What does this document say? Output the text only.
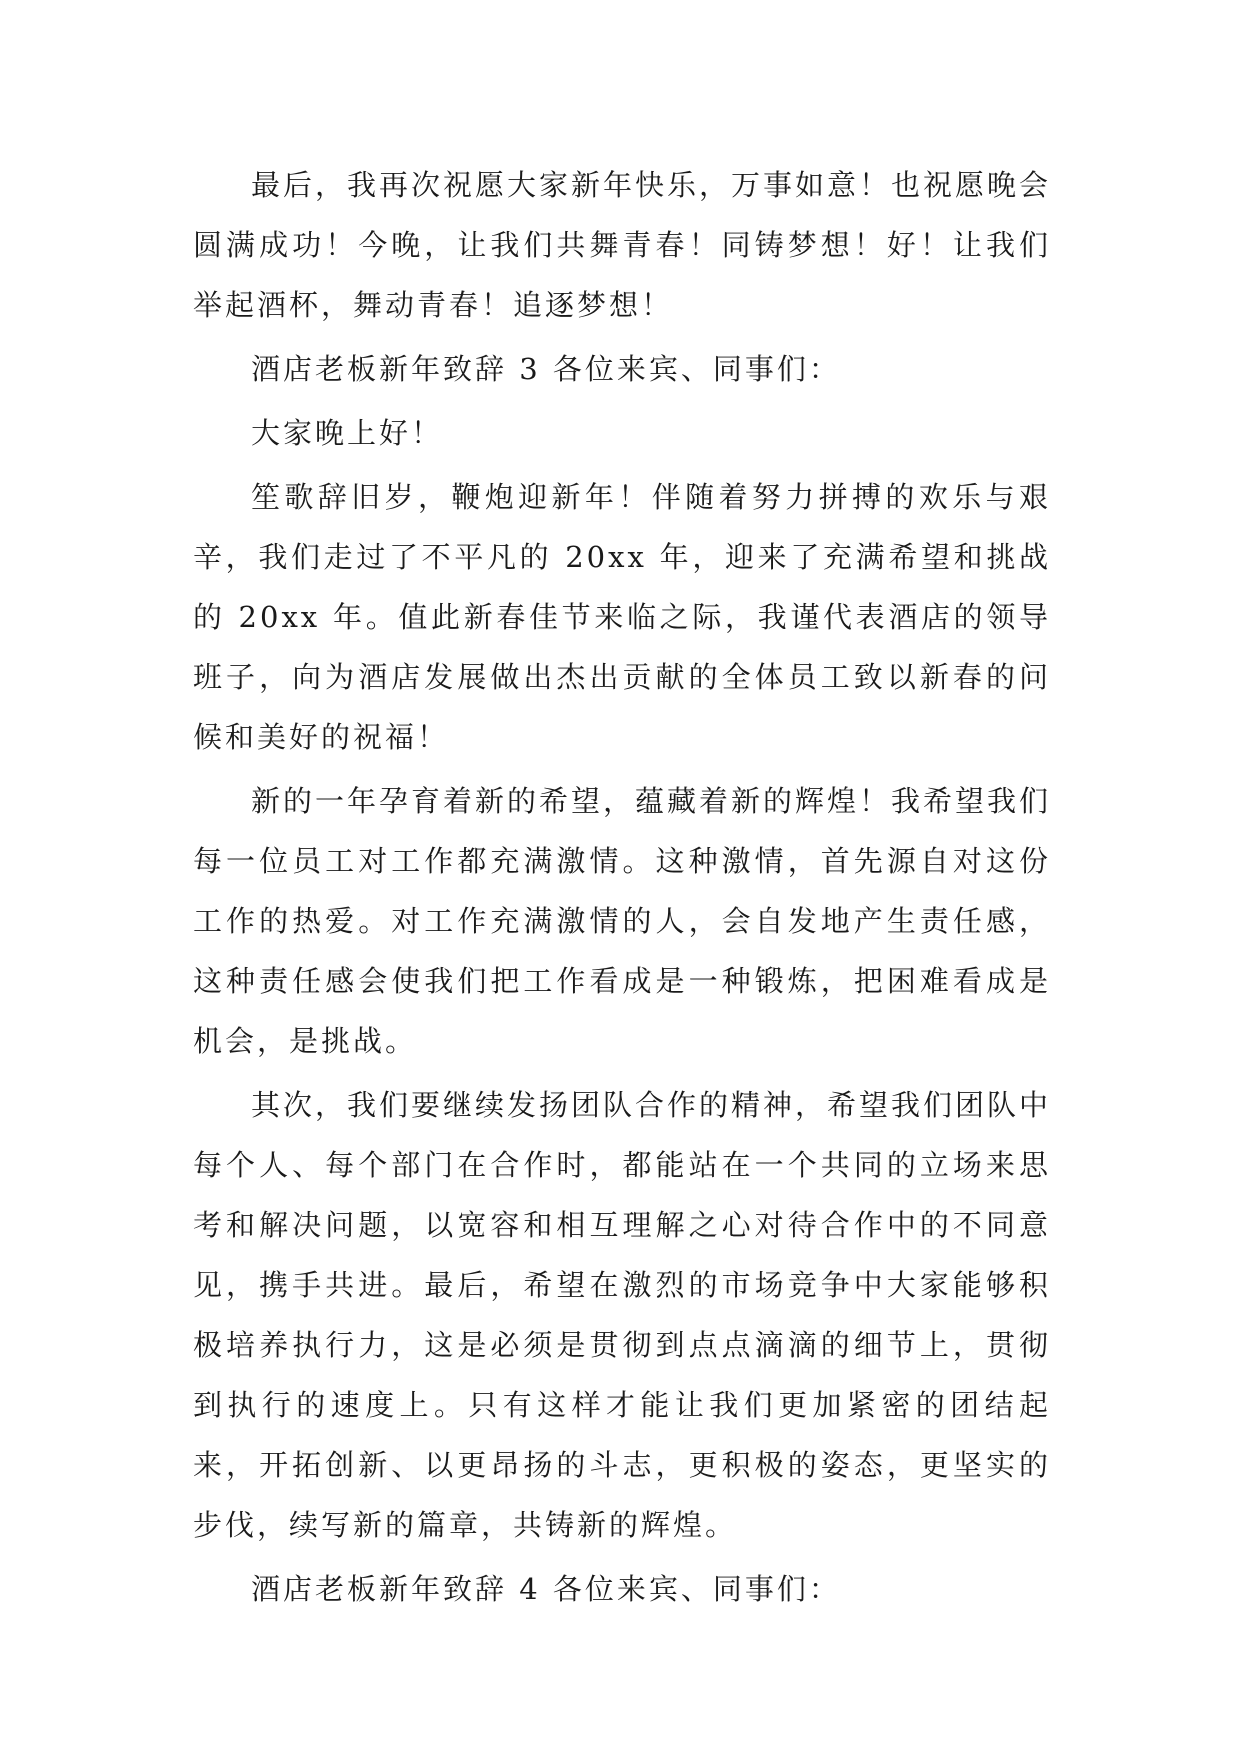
最后，我再次祝愿大家新年快乐，万事如意！也祝愿晚会圆满成功！今晚，让我们共舞青春！同铸梦想！好！让我们举起酒杯，舞动青春！追逐梦想！

酒店老板新年致辞 3 各位来宾、同事们：

大家晚上好！

笙歌辞旧岁，鞭炮迎新年！伴随着努力拼搏的欢乐与艰辛，我们走过了不平凡的 20xx 年，迎来了充满希望和挑战的 20xx 年。值此新春佳节来临之际，我谨代表酒店的领导班子，向为酒店发展做出杰出贡献的全体员工致以新春的问候和美好的祝福！

新的一年孕育着新的希望，蕴藏着新的辉煌！我希望我们每一位员工对工作都充满激情。这种激情，首先源自对这份工作的热爱。对工作充满激情的人，会自发地产生责任感，这种责任感会使我们把工作看成是一种锻炼，把困难看成是机会，是挑战。

其次，我们要继续发扬团队合作的精神，希望我们团队中每个人、每个部门在合作时，都能站在一个共同的立场来思考和解决问题，以宽容和相互理解之心对待合作中的不同意见，携手共进。最后，希望在激烈的市场竞争中大家能够积极培养执行力，这是必须是贯彻到点点滴滴的细节上，贯彻到执行的速度上。只有这样才能让我们更加紧密的团结起来，开拓创新、以更昂扬的斗志，更积极的姿态，更坚实的步伐，续写新的篇章，共铸新的辉煌。

酒店老板新年致辞 4 各位来宾、同事们：
